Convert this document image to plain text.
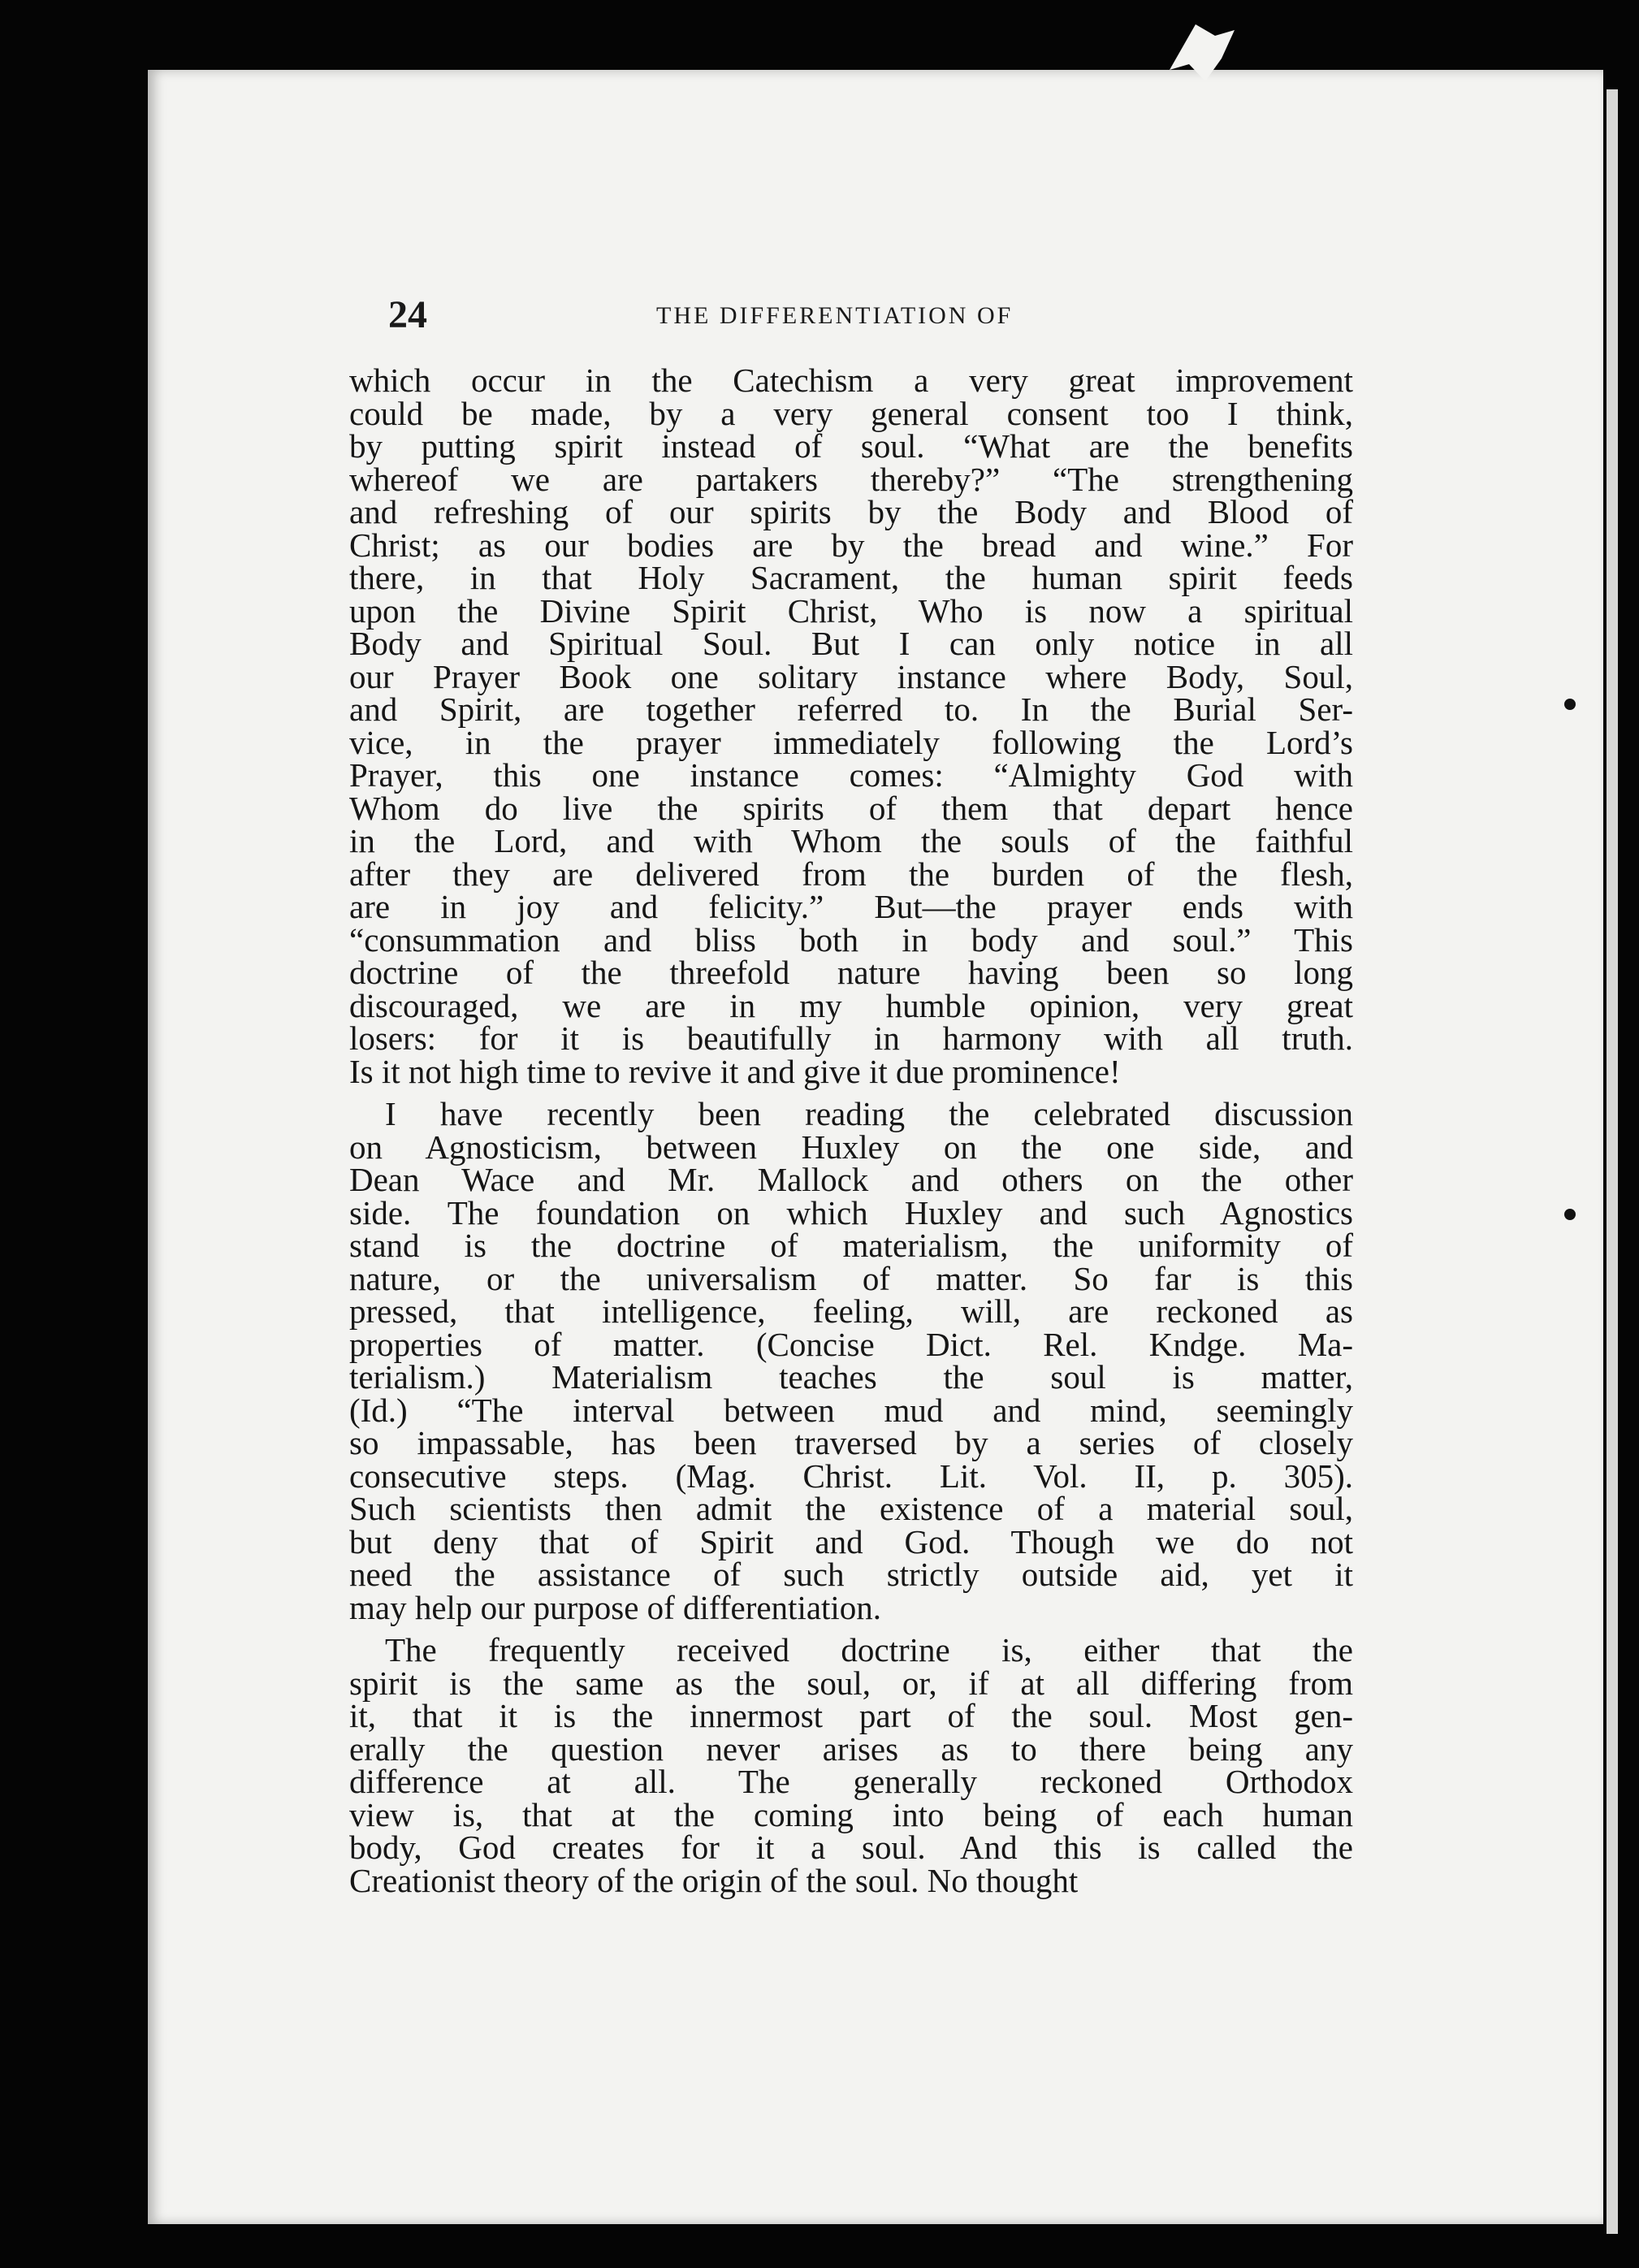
24	THE DIFFERENTIATION OF
which occur in the Catechism a very great improvement
could be made, by a very general consent too I think,
by putting spirit instead of soul. “What are the benefits
whereof we are partakers thereby?” “The strengthening
and refreshing of our spirits by the Body and Blood of
Christ; as our bodies are by the bread and wine.” For
there, in that Holy Sacrament, the human spirit feeds
upon the Divine Spirit Christ, Who is now a spiritual
Body and Spiritual Soul. But I can only notice in all
our Prayer Book one solitary instance where Body, Soul,
and Spirit, are together referred to. In the Burial Ser-
vice, in the prayer immediately following the Lord’s
Prayer, this one instance comes: “Almighty God with
Whom do live the spirits of them that depart hence
in the Lord, and with Whom the souls of the faithful
after they are delivered from the burden of the flesh,
are in joy and felicity.” But—the prayer ends with
“consummation and bliss both in body and soul.” This
doctrine of the threefold nature having been so long
discouraged, we are in my humble opinion, very great
losers: for it is beautifully in harmony with all truth.
Is it not high time to revive it and give it due prominence!
I have recently been reading the celebrated discussion
on Agnosticism, between Huxley on the one side, and
Dean Wace and Mr. Mallock and others on the other
side. The foundation on which Huxley and such Agnostics
stand is the doctrine of materialism, the uniformity of
nature, or the universalism of matter. So far is this
pressed, that intelligence, feeling, will, are reckoned as
properties of matter. (Concise Dict. Rel. Kndge. Ma-
terialism.) Materialism teaches the soul is matter,
(Id.) “The interval between mud and mind, seemingly
so impassable, has been traversed by a series of closely
consecutive steps. (Mag. Christ. Lit. Vol. II, p. 305).
Such scientists then admit the existence of a material soul,
but deny that of Spirit and God. Though we do not
need the assistance of such strictly outside aid, yet it
may help our purpose of differentiation.
The frequently received doctrine is, either that the
spirit is the same as the soul, or, if at all differing from
it, that it is the innermost part of the soul. Most gen-
erally the question never arises as to there being any
difference at all. The generally reckoned Orthodox
view is, that at the coming into being of each human
body, God creates for it a soul. And this is called the
Creationist theory of the origin of the soul. No thought
